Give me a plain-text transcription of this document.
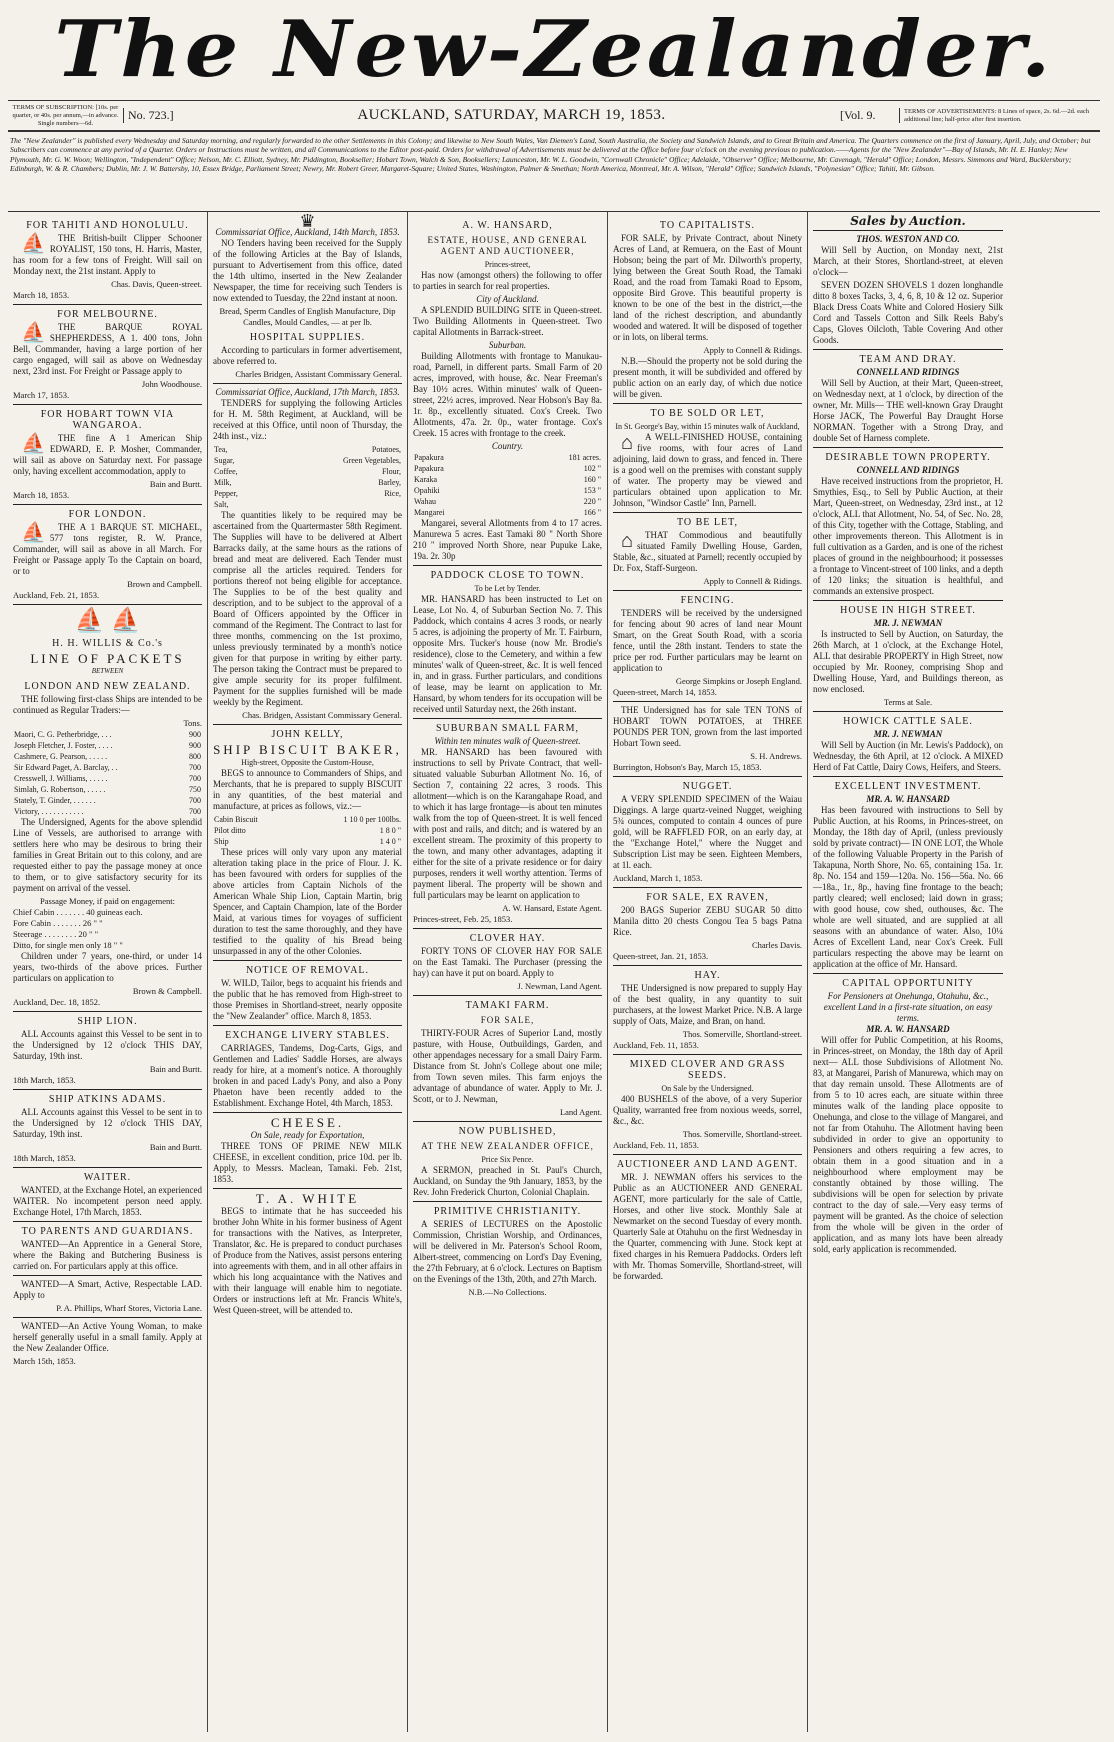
The New-Zealander.
TERMS OF SUBSCRIPTION: [10s. per quarter, or 40s. per annum,—in advance. Single numbers—6d.
No. 723.]	AUCKLAND, SATURDAY, MARCH 19, 1853.	[Vol. 9.	TERMS OF ADVERTISEMENTS: 8 Lines of space, 2s. 6d.—2d. each additional line; half-price after first insertion.
The "New Zealander" is published every Wednesday and Saturday morning, and regularly forwarded to the other Settlements in this Colony; and likewise to New South Wales, Van Diemen's Land, South Australia, the Society and Sandwich Islands, and to Great Britain and America. The Quarters commence on the first of January, April, July, and October; but Subscribers can commence at any period of a Quarter. Orders or Instructions must be written, and all Communications to the Editor post-paid. Orders for withdrawal of Advertisements must be delivered at the Office before four o'clock on the evening previous to publication.——Agents for the "New Zealander"—Bay of Islands, Mr. H. E. Hanley; New Plymouth, Mr. G. W. Woon; Wellington, "Independent" Office; Nelson, Mr. C. Elliott, Sydney, Mr. Piddington, Bookseller; Hobart Town, Walch & Son, Booksellers; Launceston, Mr. W. L. Goodwin, "Cornwall Chronicle" Office; Adelaide, "Observer" Office; Melbourne, Mr. Cavenagh, "Herald" Office; London, Messrs. Simmons and Ward, Bucklersbury; Edinburgh, W. & R. Chambers; Dublin, Mr. J. W. Battersby, 10, Essex Bridge, Parliament Street; Newry, Mr. Robert Greer, Margaret-Square; United States, Washington, Palmer & Smethan; North America, Montreal, Mr. A. Wilson, "Herald" Office; Sandwich Islands, "Polynesian" Office; Tahiti, Mr. Gibson.
FOR TAHITI AND HONOLULU.
⛵ THE British-built Clipper Schooner ROYALIST, 150 tons, H. Harris, Master, has room for a few tons of Freight. Will sail on Monday next, the 21st instant. Apply to
Chas. Davis, Queen-street.
March 18, 1853.
FOR MELBOURNE.
⛵ THE BARQUE ROYAL SHEPHERDESS, A 1. 400 tons, John Bell, Commander, having a large portion of her cargo engaged, will sail as above on Wednesday next, 23rd inst. For Freight or Passage apply to
John Woodhouse.
March 17, 1853.
FOR HOBART TOWN VIA WANGAROA.
⛵ THE fine A 1 American Ship EDWARD, E. P. Mosher, Commander, will sail as above on Saturday next. For passage only, having excellent accommodation, apply to
Bain and Burtt.
March 18, 1853.
FOR LONDON.
⛵ THE A 1 BARQUE ST. MICHAEL, 577 tons register, R. W. Prance, Commander, will sail as above in all March. For Freight or Passage apply To the Captain on board, or to
Brown and Campbell.
Auckland, Feb. 21, 1853.
⛵ ⛵
H. H. WILLIS & Co.'s
LINE OF PACKETS
BETWEEN
LONDON AND NEW ZEALAND.
THE following first-class Ships are intended to be continued as Regular Traders:—
Tons.
Maori, C. G. Petherbridge, . . .	900
Joseph Fletcher, J. Foster, . . . .	900
Cashmere, G. Pearson, . . . . .	800
Sir Edward Paget, A. Barclay, . .	700
Cresswell, J. Williams, . . . . .	700
Simlah, G. Robertson, . . . . .	750
Stately, T. Ginder, . . . . . .	700
Victory, . . . . . . . . . . .	700
The Undersigned, Agents for the above splendid Line of Vessels, are authorised to arrange with settlers here who may be desirous to bring their families in Great Britain out to this colony, and are requested either to pay the passage money at once to them, or to give satisfactory security for its payment on arrival of the vessel.
Passage Money, if paid on engagement:
Chief Cabin . . . . . . . 40 guineas each.
Fore Cabin . . . . . . . 26 " "
Steerage . . . . . . . . 20 " "
Ditto, for single men only 18 " "
Children under 7 years, one-third, or under 14 years, two-thirds of the above prices. Further particulars on application to
Brown & Campbell.
Auckland, Dec. 18, 1852.
SHIP LION.
ALL Accounts against this Vessel to be sent in to the Undersigned by 12 o'clock THIS DAY, Saturday, 19th inst.
Bain and Burtt.
18th March, 1853.
SHIP ATKINS ADAMS.
ALL Accounts against this Vessel to be sent in to the Undersigned by 12 o'clock THIS DAY, Saturday, 19th inst.
Bain and Burtt.
18th March, 1853.
WAITER.
WANTED, at the Exchange Hotel, an experienced WAITER. No incompetent person need apply. Exchange Hotel, 17th March, 1853.
TO PARENTS AND GUARDIANS.
WANTED—An Apprentice in a General Store, where the Baking and Butchering Business is carried on. For particulars apply at this office.
WANTED—A Smart, Active, Respectable LAD. Apply to
P. A. Phillips, Wharf Stores, Victoria Lane.
WANTED—An Active Young Woman, to make herself generally useful in a small family. Apply at the New Zealander Office.
March 15th, 1853.
♛
Commissariat Office, Auckland, 14th March, 1853.
NO Tenders having been received for the Supply of the following Articles at the Bay of Islands, pursuant to Advertisement from this office, dated the 14th ultimo, inserted in the New Zealander Newspaper, the time for receiving such Tenders is now extended to Tuesday, the 22nd instant at noon.
Bread, Sperm Candles of English Manufacture, Dip Candles, Mould Candles, — at per lb.
HOSPITAL SUPPLIES.
According to particulars in former advertisement, above referred to.
Charles Bridgen, Assistant Commissary General.
Commissariat Office, Auckland, 17th March, 1853.
TENDERS for supplying the following Articles for H. M. 58th Regiment, at Auckland, will be received at this Office, until noon of Thursday, the 24th inst., viz.:
Tea,	Potatoes,
Sugar,	Green Vegetables,
Coffee,	Flour,
Milk,	Barley,
Pepper,	Rice,
Salt,	
The quantities likely to be required may be ascertained from the Quartermaster 58th Regiment. The Supplies will have to be delivered at Albert Barracks daily, at the same hours as the rations of bread and meat are delivered. Each Tender must comprise all the articles required. Tenders for portions thereof not being eligible for acceptance. The Supplies to be of the best quality and description, and to be subject to the approval of a Board of Officers appointed by the Officer in command of the Regiment. The Contract to last for three months, commencing on the 1st proximo, unless previously terminated by a month's notice given for that purpose in writing by either party. The person taking the Contract must be prepared to give ample security for its proper fulfilment. Payment for the supplies furnished will be made weekly by the Regiment.
Chas. Bridgen, Assistant Commissary General.
JOHN KELLY,
SHIP BISCUIT BAKER,
High-street, Opposite the Custom-House,
BEGS to announce to Commanders of Ships, and Merchants, that he is prepared to supply BISCUIT in any quantities, of the best material and manufacture, at prices as follows, viz.:—
Cabin Biscuit	1 10 0 per 100lbs.
Pilot ditto	1 8 0 "
Ship	1 4 0 "
These prices will only vary upon any material alteration taking place in the price of Flour. J. K. has been favoured with orders for supplies of the above articles from Captain Nichols of the American Whale Ship Lion, Captain Martin, brig Spencer, and Captain Champion, late of the Border Maid, at various times for voyages of sufficient duration to test the same thoroughly, and they have testified to the quality of his Bread being unsurpassed in any of the other Colonies.
NOTICE OF REMOVAL.
W. WILD, Tailor, begs to acquaint his friends and the public that he has removed from High-street to those Premises in Shortland-street, nearly opposite the "New Zealander" office. March 8, 1853.
EXCHANGE LIVERY STABLES.
CARRIAGES, Tandems, Dog-Carts, Gigs, and Gentlemen and Ladies' Saddle Horses, are always ready for hire, at a moment's notice. A thoroughly broken in and paced Lady's Pony, and also a Pony Phaeton have been recently added to the Establishment. Exchange Hotel, 4th March, 1853.
CHEESE.
On Sale, ready for Exportation,
THREE TONS OF PRIME NEW MILK CHEESE, in excellent condition, price 10d. per lb. Apply, to Messrs. Maclean, Tamaki. Feb. 21st, 1853.
T. A. WHITE
BEGS to intimate that he has succeeded his brother John White in his former business of Agent for transactions with the Natives, as Interpreter, Translator, &c. He is prepared to conduct purchases of Produce from the Natives, assist persons entering into agreements with them, and in all other affairs in which his long acquaintance with the Natives and with their language will enable him to negotiate. Orders or instructions left at Mr. Francis White's, West Queen-street, will be attended to.
A. W. HANSARD,
ESTATE, HOUSE, AND GENERAL AGENT AND AUCTIONEER,
Princes-street,
Has now (amongst others) the following to offer to parties in search for real properties.
City of Auckland.
A SPLENDID BUILDING SITE in Queen-street. Two Building Allotments in Queen-street. Two capital Allotments in Barrack-street.
Suburban.
Building Allotments with frontage to Manukau-road, Parnell, in different parts. Small Farm of 20 acres, improved, with house, &c. Near Freeman's Bay 10½ acres. Within minutes' walk of Queen-street, 22½ acres, improved. Near Hobson's Bay 8a. 1r. 8p., excellently situated. Cox's Creek. Two Allotments, 47a. 2r. 0p., water frontage. Cox's Creek. 15 acres with frontage to the creek.
Country.
Papakura	181 acres.
Papakura	102 "
Karaka	160 "
Opahiki	153 "
Wahau	220 "
Mangarei	166 "
Mangarei, several Allotments from 4 to 17 acres. Manurewa 5 acres. East Tamaki 80 " North Shore 210 " improved North Shore, near Pupuke Lake, 19a. 2r. 30p
PADDOCK CLOSE TO TOWN.
To be Let by Tender.
MR. HANSARD has been instructed to Let on Lease, Lot No. 4, of Suburban Section No. 7. This Paddock, which contains 4 acres 3 roods, or nearly 5 acres, is adjoining the property of Mr. T. Fairburn, opposite Mrs. Tucker's house (now Mr. Brodie's residence), close to the Cemetery, and within a few minutes' walk of Queen-street, &c. It is well fenced in, and in grass. Further particulars, and conditions of lease, may be learnt on application to Mr. Hansard, by whom tenders for its occupation will be received until Saturday next, the 26th instant.
SUBURBAN SMALL FARM,
Within ten minutes walk of Queen-street.
MR. HANSARD has been favoured with instructions to sell by Private Contract, that well-situated valuable Suburban Allotment No. 16, of Section 7, containing 22 acres, 3 roods. This allotment—which is on the Karangahape Road, and to which it has large frontage—is about ten minutes walk from the top of Queen-street. It is well fenced with post and rails, and ditch; and is watered by an excellent stream. The proximity of this property to the town, and many other advantages, adapting it either for the site of a private residence or for dairy purposes, renders it well worthy attention. Terms of payment liberal. The property will be shown and full particulars may be learnt on application to
A. W. Hansard, Estate Agent.
Princes-street, Feb. 25, 1853.
CLOVER HAY.
FORTY TONS OF CLOVER HAY FOR SALE on the East Tamaki. The Purchaser (pressing the hay) can have it put on board. Apply to
J. Newman, Land Agent.
TAMAKI FARM.
FOR SALE,
THIRTY-FOUR Acres of Superior Land, mostly pasture, with House, Outbuildings, Garden, and other appendages necessary for a small Dairy Farm. Distance from St. John's College about one mile; from Town seven miles. This farm enjoys the advantage of abundance of water. Apply to Mr. J. Scott, or to J. Newman,
Land Agent.
NOW PUBLISHED,
AT THE NEW ZEALANDER OFFICE,
Price Six Pence.
A SERMON, preached in St. Paul's Church, Auckland, on Sunday the 9th January, 1853, by the Rev. John Frederick Churton, Colonial Chaplain.
PRIMITIVE CHRISTIANITY.
A SERIES of LECTURES on the Apostolic Commission, Christian Worship, and Ordinances, will be delivered in Mr. Paterson's School Room, Albert-street, commencing on Lord's Day Evening, the 27th February, at 6 o'clock. Lectures on Baptism on the Evenings of the 13th, 20th, and 27th March.
N.B.—No Collections.
TO CAPITALISTS.
FOR SALE, by Private Contract, about Ninety Acres of Land, at Remuera, on the East of Mount Hobson; being the part of Mr. Dilworth's property, lying between the Great South Road, the Tamaki Road, and the road from Tamaki Road to Epsom, opposite Bird Grove. This beautiful property is known to be one of the best in the district,—the land of the richest description, and abundantly wooded and watered. It will be disposed of together or in lots, on liberal terms.
Apply to Connell & Ridings.
N.B.—Should the property not be sold during the present month, it will be subdivided and offered by public action on an early day, of which due notice will be given.
TO BE SOLD OR LET,
In St. George's Bay, within 15 minutes walk of Auckland,
⌂ A WELL-FINISHED HOUSE, containing five rooms, with four acres of Land adjoining, laid down to grass, and fenced in. There is a good well on the premises with constant supply of water. The property may be viewed and particulars obtained upon application to Mr. Johnson, "Windsor Castle" Inn, Parnell.
TO BE LET,
⌂ THAT Commodious and beautifully situated Family Dwelling House, Garden, Stable, &c., situated at Parnell; recently occupied by Dr. Fox, Staff-Surgeon.
Apply to Connell & Ridings.
FENCING.
TENDERS will be received by the undersigned for fencing about 90 acres of land near Mount Smart, on the Great South Road, with a scoria fence, until the 28th instant. Tenders to state the price per rod. Further particulars may be learnt on application to
George Simpkins or Joseph England.
Queen-street, March 14, 1853.
THE Undersigned has for sale TEN TONS of HOBART TOWN POTATOES, at THREE POUNDS PER TON, grown from the last imported Hobart Town seed.
S. H. Andrews.
Burrington, Hobson's Bay, March 15, 1853.
NUGGET.
A VERY SPLENDID SPECIMEN of the Waiau Diggings. A large quartz-veined Nugget, weighing 5¾ ounces, computed to contain 4 ounces of pure gold, will be RAFFLED FOR, on an early day, at the "Exchange Hotel," where the Nugget and Subscription List may be seen. Eighteen Members, at 1l. each.
Auckland, March 1, 1853.
FOR SALE, EX RAVEN,
200 BAGS Superior ZEBU SUGAR 50 ditto Manila ditto 20 chests Congou Tea 5 bags Patna Rice.
Charles Davis.
Queen-street, Jan. 21, 1853.
HAY.
THE Undersigned is now prepared to supply Hay of the best quality, in any quantity to suit purchasers, at the lowest Market Price. N.B. A large supply of Oats, Maize, and Bran, on hand.
Thos. Somerville, Shortland-street.
Auckland, Feb. 11, 1853.
MIXED CLOVER AND GRASS SEEDS.
On Sale by the Undersigned.
400 BUSHELS of the above, of a very Superior Quality, warranted free from noxious weeds, sorrel, &c., &c.
Thos. Somerville, Shortland-street.
Auckland, Feb. 11, 1853.
AUCTIONEER AND LAND AGENT.
MR. J. NEWMAN offers his services to the Public as an AUCTIONEER AND GENERAL AGENT, more particularly for the sale of Cattle, Horses, and other live stock. Monthly Sale at Newmarket on the second Tuesday of every month. Quarterly Sale at Otahuhu on the first Wednesday in the Quarter, commencing with June. Stock kept at fixed charges in his Remuera Paddocks. Orders left with Mr. Thomas Somerville, Shortland-street, will be forwarded.
Sales by Auction.
THOS. WESTON AND CO.
Will Sell by Auction, on Monday next, 21st March, at their Stores, Shortland-street, at eleven o'clock—
SEVEN DOZEN SHOVELS 1 dozen longhandle ditto 8 boxes Tacks, 3, 4, 6, 8, 10 & 12 oz. Superior Black Dress Coats White and Colored Hosiery Silk Cord and Tassels Cotton and Silk Reels Baby's Caps, Gloves Oilcloth, Table Covering And other Goods.
TEAM AND DRAY.
CONNELL AND RIDINGS
Will Sell by Auction, at their Mart, Queen-street, on Wednesday next, at 1 o'clock, by direction of the owner, Mr. Mills— THE well-known Gray Draught Horse JACK, The Powerful Bay Draught Horse NORMAN. Together with a Strong Dray, and double Set of Harness complete.
DESIRABLE TOWN PROPERTY.
CONNELL AND RIDINGS
Have received instructions from the proprietor, H. Smythies, Esq., to Sell by Public Auction, at their Mart, Queen-street, on Wednesday, 23rd inst., at 12 o'clock, ALL that Allotment, No. 54, of Sec. No. 28, of this City, together with the Cottage, Stabling, and other improvements thereon. This Allotment is in full cultivation as a Garden, and is one of the richest places of ground in the neighbourhood; it possesses a frontage to Vincent-street of 100 links, and a depth of 120 links; the situation is healthful, and commands an extensive prospect.
HOUSE IN HIGH STREET.
MR. J. NEWMAN
Is instructed to Sell by Auction, on Saturday, the 26th March, at 1 o'clock, at the Exchange Hotel, ALL that desirable PROPERTY in High Street, now occupied by Mr. Rooney, comprising Shop and Dwelling House, Yard, and Buildings thereon, as now enclosed.
Terms at Sale.
HOWICK CATTLE SALE.
MR. J. NEWMAN
Will Sell by Auction (in Mr. Lewis's Paddock), on Wednesday, the 6th April, at 12 o'clock. A MIXED Herd of Fat Cattle, Dairy Cows, Heifers, and Steers.
EXCELLENT INVESTMENT.
MR. A. W. HANSARD
Has been favoured with instructions to Sell by Public Auction, at his Rooms, in Princes-street, on Monday, the 18th day of April, (unless previously sold by private contract)— IN ONE LOT, the Whole of the following Valuable Property in the Parish of Takapuna, North Shore, No. 65, containing 15a. 1r. 8p. No. 154 and 159—120a. No. 156—56a. No. 66—18a., 1r., 8p., having fine frontage to the beach; partly cleared; well enclosed; laid down in grass; with good house, cow shed, outhouses, &c. The whole are well situated, and are supplied at all seasons with an abundance of water. Also, 10¼ Acres of Excellent Land, near Cox's Creek. Full particulars respecting the above may be learnt on application at the office of Mr. Hansard.
CAPITAL OPPORTUNITY
For Pensioners at Onehunga, Otahuhu, &c., excellent Land in a first-rate situation, on easy terms.
MR. A. W. HANSARD
Will offer for Public Competition, at his Rooms, in Princes-street, on Monday, the 18th day of April next— ALL those Subdivisions of Allotment No. 83, at Mangarei, Parish of Manurewa, which may on that day remain unsold. These Allotments are of from 5 to 10 acres each, are situate within three minutes walk of the landing place opposite to Onehunga, and close to the village of Mangarei, and not far from Otahuhu. The Allotment having been subdivided in order to give an opportunity to Pensioners and others requiring a few acres, to obtain them in a good situation and in a neighbourhood where employment may be constantly obtained by those willing. The subdivisions will be open for selection by private contract to the day of sale.—Very easy terms of payment will be granted. As the choice of selection from the whole will be given in the order of application, and as many lots have been already sold, early application is recommended.
